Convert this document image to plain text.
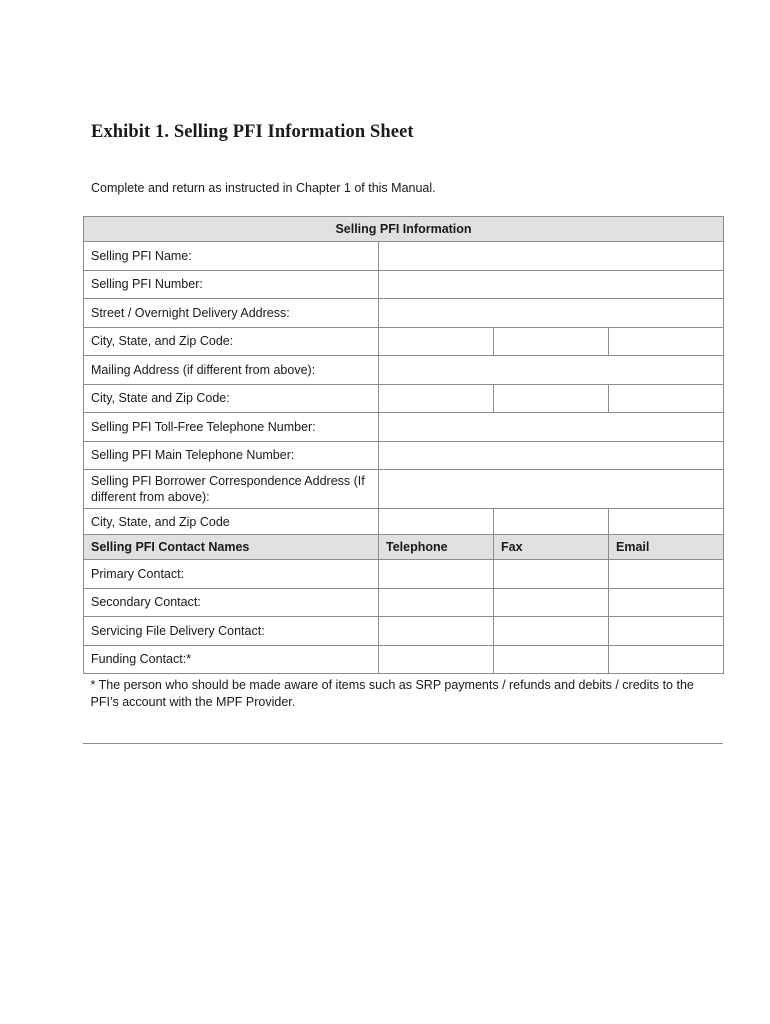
Exhibit 1. Selling PFI Information Sheet

Complete and return as instructed in Chapter 1 of this Manual.

Selling PFI Information			
Selling PFI Name:			
Selling PFI Number:			
Street / Overnight Delivery Address:			
City, State, and Zip Code:			
Mailing Address (if different from above):			
City, State and Zip Code:			
Selling PFI Toll-Free Telephone Number:			
Selling PFI Main Telephone Number:			
Selling PFI Borrower Correspondence Address (If different from above):			
City, State, and Zip Code			
Selling PFI Contact Names	Telephone	Fax	Email
Primary Contact:			
Secondary Contact:			
Servicing File Delivery Contact:			
Funding Contact:*			
* The person who should be made aware of items such as SRP payments / refunds and debits / credits to the PFI’s account with the MPF Provider.			
